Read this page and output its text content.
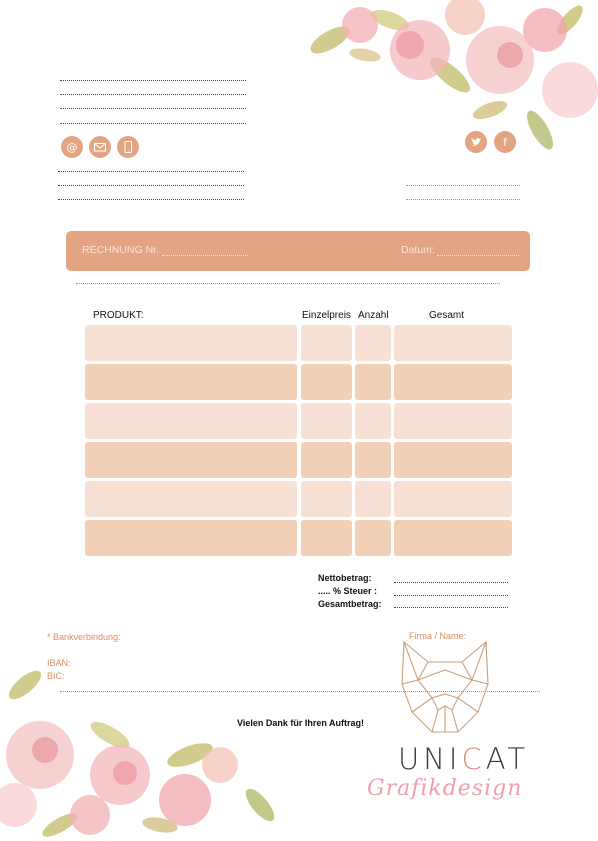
@	f
RECHNUNG Nr.	Datum:
PRODUKT:	Einzelpreis Anzahl	Gesamt
Nettobetrag:
..... % Steuer :
Gesamtbetrag:
* Bankverbindung:
IBAN:
BIC:
Firma / Name:
Vielen Dank für Ihren Auftrag!
UNICAT
Grafikdesign
